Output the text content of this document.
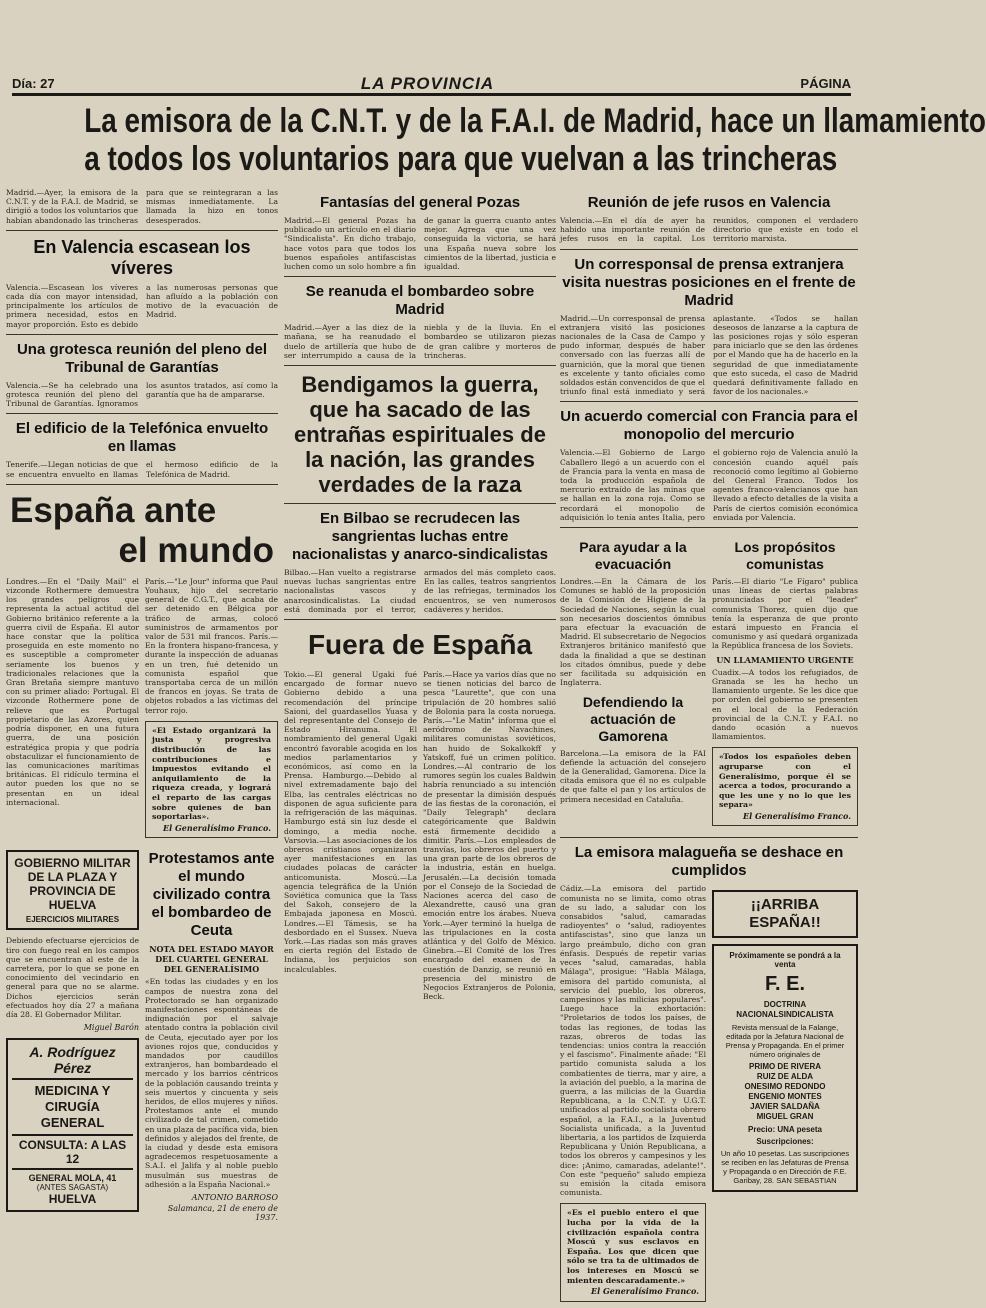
Día: 27	LA PROVINCIA	PÁGINA
La emisora de la C.N.T. y de la F.A.I. de Madrid, hace un llamamiento
a todos los voluntarios para que vuelvan a las trincheras

Madrid.—Ayer, la emisora de la C.N.T. y de la F.A.I. de Madrid, se dirigió a todos los voluntarios que habían abandonado las trincheras para que se reintegraran a las mismas inmediatamente. La llamada la hizo en tonos desesperados.

En Valencia escasean los víveres

Valencia.—Escasean los víveres cada día con mayor intensidad, principalmente los artículos de primera necesidad, estos en mayor proporción. Esto es debido a las numerosas personas que han afluído a la población con motivo de la evacuación de Madrid.

Una grotesca reunión del pleno del Tribunal de Garantías

Valencia.—Se ha celebrado una grotesca reunión del pleno del Tribunal de Garantías. Ignoramos los asuntos tratados, así como la garantía que ha de ampararse.

El edificio de la Telefónica envuelto en llamas

Tenerife.—Llegan noticias de que se encuentra envuelto en llamas el hermoso edificio de la Telefónica de Madrid.

España ante
el mundo

Londres.—En el "Daily Mail" el vizconde Rothermere demuestra los grandes peligros que representa la actual actitud del Gobierno británico referente a la guerra civil de España. El autor hace constar que la política proseguida en este momento no es susceptible a comprometer seriamente los buenos y tradicionales relaciones que la Gran Bretaña siempre mantuvo con su primer aliado: Portugal. El vizconde Rothermere pone de relieve que es Portugal propietario de las Azores, quien podría disponer, en una futura guerra, de una posición estratégica propia y que podría obstaculizar el funcionamiento de las comunicaciones marítimas británicas. El ridículo termina el autor pueden los que no se presentan en un ideal internacional.

París.—"Le Jour" informa que Paul Youhaux, hijo del secretario general de C.G.T., que acaba de ser detenido en Bélgica por tráfico de armas, colocó suministros de armamentos por valor de 531 mil francos. París.—En la frontera hispano-francesa, y durante la inspección de aduanas en un tren, fué detenido un comunista español que transportaba cerca de un millón de francos en joyas. Se trata de objetos robados a las víctimas del terror rojo.

«El Estado organizará la justa y progresiva distribución de las contribuciones e impuestos evitando el aniquilamiento de la riqueza creada, y logrará el reparto de las cargas sobre quienes de ban soportarlas».
El Generalísimo Franco.
GOBIERNO MILITAR DE LA PLAZA Y PROVINCIA DE HUELVA
EJERCICIOS MILITARES

Debiendo efectuarse ejercicios de tiro con fuego real en los campos que se encuentran al este de la carretera, por lo que se pone en conocimiento del vecindario en general para que no se alarme. Dichos ejercicios serán efectuados hoy día 27 a mañana día 28. El Gobernador Militar.

Miguel Barón
A. Rodríguez Pérez
MEDICINA Y CIRUGÍA GENERAL
CONSULTA: A LAS 12
GENERAL MOLA, 41
(ANTES SAGASTA)
HUELVA
Protestamos ante el mundo civilizado contra el bombardeo de Ceuta
NOTA DEL ESTADO MAYOR DEL CUARTEL GENERAL DEL GENERALÍSIMO

«En todas las ciudades y en los campos de nuestra zona del Protectorado se han organizado manifestaciones espontáneas de indignación por el salvaje atentado contra la población civil de Ceuta, ejecutado ayer por los aviones rojos que, conducidos y mandados por caudillos extranjeros, han bombardeado el mercado y los barrios céntricos de la población causando treinta y seis muertos y cincuenta y seis heridos, de ellos mujeres y niños. Protestamos ante el mundo civilizado de tal crimen, cometido en una plaza de pacífica vida, bien definidos y alejados del frente, de la ciudad y desde esta emisora agradecemos respetuosamente a S.A.I. el Jalifa y al noble pueblo musulmán sus muestras de adhesión a la España Nacional.»

ANTONIO BARROSO
Salamanca, 21 de enero de 1937.
Fantasías del general Pozas

Madrid.—El general Pozas ha publicado un artículo en el diario "Sindicalista". En dicho trabajo, hace votos para que todos los buenos españoles antifascistas luchen como un solo hombre a fin de ganar la guerra cuanto antes mejor. Agrega que una vez conseguida la victoria, se hará una España nueva sobre los cimientos de la libertad, justicia e igualdad.

Se reanuda el bombardeo sobre Madrid

Madrid.—Ayer a las diez de la mañana, se ha reanudado el duelo de artillería que hubo de ser interrumpido a causa de la niebla y de la lluvia. En el bombardeo se utilizaron piezas de gran calibre y morteros de trincheras.

Bendigamos la guerra, que ha sacado de las entrañas espirituales de la nación, las grandes verdades de la raza
En Bilbao se recrudecen las sangrientas luchas entre nacionalistas y anarco-sindicalistas

Bilbao.—Han vuelto a registrarse nuevas luchas sangrientas entre nacionalistas vascos y anarcosindicalistas. La ciudad está dominada por el terror, armados del más completo caos. En las calles, teatros sangrientos de las refriegas, terminados los encuentros, se ven numerosos cadáveres y heridos.

Fuera de España

Tokio.—El general Ugaki fué encargado de formar nuevo Gobierno debido a una recomendación del príncipe Saioni, del guardasellos Yuasa y del representante del Consejo de Estado Hiranuma. El nombramiento del general Ugaki encontró favorable acogida en los medios parlamentarios y económicos, así como en la Prensa. Hamburgo.—Debido al nivel extremadamente bajo del Elba, las centrales eléctricas no disponen de agua suficiente para la refrigeración de las máquinas. Hamburgo está sin luz desde el domingo, a media noche. Varsovia.—Las asociaciones de los obreros cristianos organizaron ayer manifestaciones en las ciudades polacas de carácter anticomunista. Moscú.—La agencia telegráfica de la Unión Soviética comunica que la Tass del Sakoh, consejero de la Embajada japonesa en Moscú. Londres.—El Támesis, se ha desbordado en el Sussex. Nueva York.—Las riadas son más graves en cierta región del Estado de Indiana, los perjuicios son incalculables.

París.—Hace ya varios días que no se tienen noticias del barco de pesca "Laurette", que con una tripulación de 20 hombres salió de Bolonia para la costa noruega. París.—"Le Matin" informa que el aeródromo de Navachines, militares comunistas soviéticos, han huido de Sokalkokff y Yatskoff, fué un crimen político. Londres.—Al contrario de los rumores según los cuales Baldwin habría renunciado a su intención de presentar la dimisión después de las fiestas de la coronación, el "Daily Telegraph" declara categóricamente que Baldwin está firmemente decidido a dimitir. París.—Los empleados de tranvías, los obreros del puerto y una gran parte de los obreros de la industria, están en huelga. Jerusalén.—La decisión tomada por el Consejo de la Sociedad de Naciones acerca del caso de Alexandrette, causó una gran emoción entre los árabes. Nueva York.—Ayer terminó la huelga de las tripulaciones en la costa atlántica y del Golfo de México. Ginebra.—El Comité de los Tres encargado del examen de la cuestión de Danzig, se reunió en presencia del ministro de Negocios Extranjeros de Polonia, Beck.

Reunión de jefe rusos en Valencia

Valencia.—En el día de ayer ha habido una importante reunión de jefes rusos en la capital. Los reunidos, componen el verdadero directorio que existe en todo el territorio marxista.

Un corresponsal de prensa extranjera visita nuestras posiciones en el frente de Madrid

Madrid.—Un corresponsal de prensa extranjera visitó las posiciones nacionales de la Casa de Campo y pudo informar, después de haber conversado con las fuerzas allí de guarnición, que la moral que tienen es excelente y tanto oficiales como soldados están convencidos de que el triunfo final está inmediato y será aplastante. «Todos se hallan deseosos de lanzarse a la captura de las posiciones rojas y sólo esperan para iniciarlo que se den las órdenes por el Mando que ha de hacerlo en la seguridad de que inmediatamente que esto suceda, el caso de Madrid quedará definitivamente fallado en favor de los nacionales.»

Un acuerdo comercial con Francia para el monopolio del mercurio

Valencia.—El Gobierno de Largo Caballero llegó a un acuerdo con el de Francia para la venta en masa de toda la producción española de mercurio extraído de las minas que se hallan en la zona roja. Como se recordará el monopolio de adquisición lo tenía antes Italia, pero el gobierno rojo de Valencia anuló la concesión cuando aquél país reconoció como legítimo al Gobierno del General Franco. Todos los agentes franco-valencianos que han llevado a efecto detalles de la visita a París de ciertos comisión económica enviada por Valencia.

Para ayudar a la evacuación

Londres.—En la Cámara de los Comunes se habló de la proposición de la Comisión de Higiene de la Sociedad de Naciones, según la cual son necesarios doscientos ómnibus para efectuar la evacuación de Madrid. El subsecretario de Negocios Extranjeros británico manifestó que dada la finalidad a que se destinan los citados ómnibus, puede y debe ser facilitada su adquisición en Inglaterra.

Defendiendo la actuación de Gamorena

Barcelona.—La emisora de la FAI defiende la actuación del consejero de la Generalidad, Gamorena. Dice la citada emisora que él no es culpable de que falte el pan y los artículos de primera necesidad en Cataluña.

Los propósitos comunistas

París.—El diario "Le Fígaro" publica unas líneas de ciertas palabras pronunciadas por el "leader" comunista Thorez, quien dijo que tenía la esperanza de que pronto estará impuesto en Francia el comunismo y así quedará organizada la República francesa de los Soviets.

UN LLAMAMIENTO URGENTE

Cuadix.—A todos los refugiados, de Granada se les ha hecho un llamamiento urgente. Se les dice que por orden del gobierno se presenten en el local de la Federación provincial de la C.N.T. y F.A.I. no dando ocasión a nuevos llamamientos.

«Todos los españoles deben agruparse con el Generalísimo, porque él se acerca a todos, procurando a que les une y no lo que les separa»
El Generalísimo Franco.
La emisora malagueña se deshace en cumplidos

Cádiz.—La emisora del partido comunista no se limita, como otras de su lado, a saludar con los consabidos "salud, camaradas radioyentes" o "salud, radioyentes antifascistas", sino que lanza un largo preámbulo, dicho con gran énfasis. Después de repetir varias veces "salud, camaradas, habla Málaga", prosigue: "Habla Málaga, emisora del partido comunista, al servicio del pueblo, los obreros, campesinos y las milicias populares". Luego hace la exhortación: "Proletarios de todos los países, de todas las regiones, de todas las razas, obreros de todas las tendencias: unios contra la reacción y el fascismo". Finalmente añade: "El partido comunista saluda a los combatientes de tierra, mar y aire, a la aviación del pueblo, a la marina de guerra, a las milicias de la Guardia Republicana, a la C.N.T. y U.G.T. unificados al partido socialista obrero español, a la F.A.I., a la Juventud Socialista unificada, a la Juventud libertaria, a los partidos de Izquierda Republicana y Unión Republicana, a todos los obreros y campesinos y les dice: ¡Animo, camaradas, adelante!". Con este "pequeño" saludo empieza su emisión la citada emisora comunista.

«Es el pueblo entero el que lucha por la vida de la civilización española contra Moscú y sus esclavos en España. Los que dicen que sólo se tra ta de ultimados de los intereses en Moscú se mienten descaradamente.»
El Generalísimo Franco.
¡¡ARRIBA ESPAÑA!!
Próximamente se pondrá a la venta
F. E.
DOCTRINA NACIONALSINDICALISTA
Revista mensual de la Falange, editada por la Jefatura Nacional de Prensa y Propaganda. En el primer número originales de
PRIMO DE RIVERA
RUIZ DE ALDA
ONESIMO REDONDO
ENGENIO MONTES
JAVIER SALDAÑA
MIGUEL GRAN
Precio: UNA peseta
Suscripciones:
Un año 10 pesetas. Las suscripciones se reciben en las Jefaturas de Prensa y Propaganda o en Dirección de F.E. Garibay, 28. SAN SEBASTIAN
